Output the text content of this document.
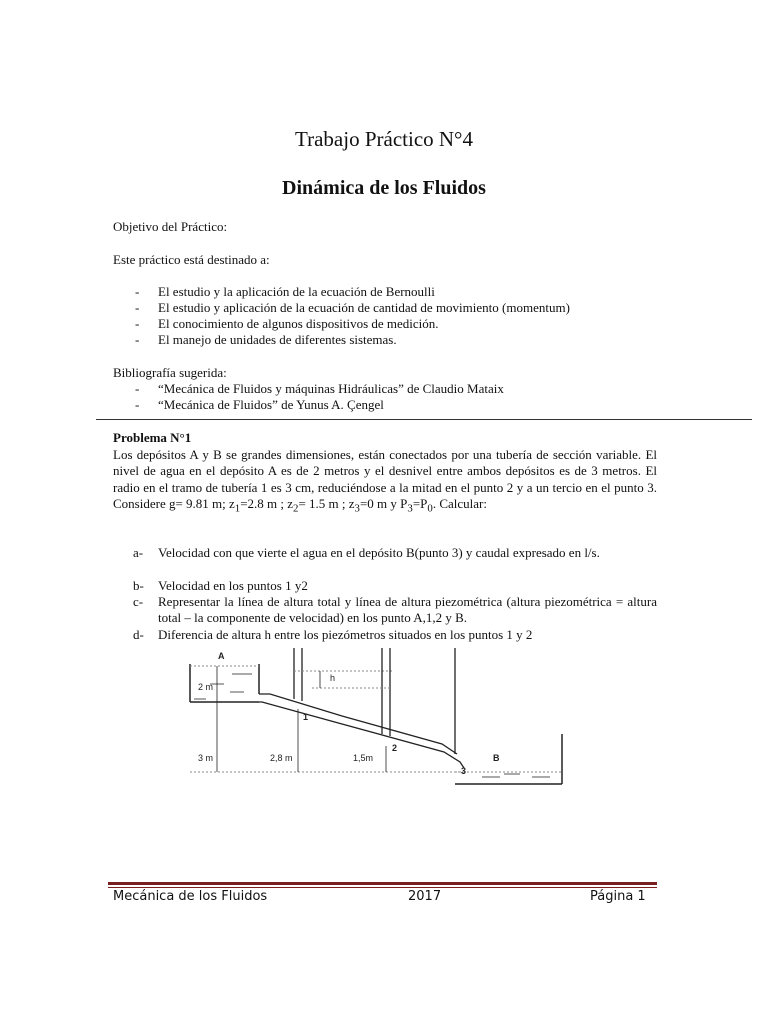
Trabajo Práctico N°4
Dinámica de los Fluidos
Objetivo del Práctico:
Este práctico está destinado a:
- El estudio y la aplicación de la ecuación de Bernoulli
- El estudio y aplicación de la ecuación de cantidad de movimiento (momentum)
- El conocimiento de algunos dispositivos de medición.
- El manejo de unidades de diferentes sistemas.
Bibliografía sugerida:
- “Mecánica de Fluidos y máquinas Hidráulicas” de Claudio Mataix
- “Mecánica de Fluidos” de Yunus A. Çengel
Problema N°1
Los depósitos A y B se grandes dimensiones, están conectados por una tubería de sección variable. El nivel de agua en el depósito A es de 2 metros y el desnivel entre ambos depósitos es de 3 metros. El radio en el tramo de tubería 1 es 3 cm, reduciéndose a la mitad en el punto 2 y a un tercio en el punto 3. Considere g= 9.81 m; $z_1=2.8$ m ; $z_2= 1.5$ m ; $z_3=0$ m y $P_3=P_0$. Calcular:
a- Velocidad con que vierte el agua en el depósito B(punto 3) y caudal expresado en l/s.
b- Velocidad en los puntos 1 y2
c- Representar la línea de altura total y línea de altura piezométrica (altura piezométrica = altura total – la componente de velocidad) en los punto A,1,2 y B.
d- Diferencia de altura h entre los piezómetros situados en los puntos 1 y 2
A
2 m
h
B
3 m	2,8 m	1,5m
1
2
3
Mecánica de los Fluidos	2017	Página 1
